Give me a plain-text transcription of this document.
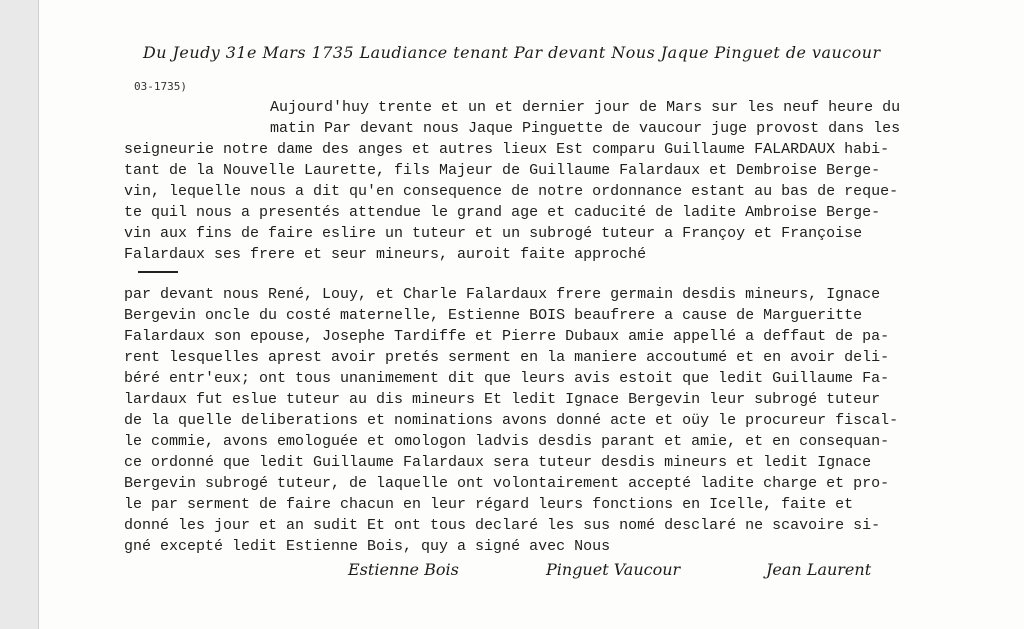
Du Jeudy 31e Mars 1735 Laudiance tenant Par devant Nous Jaque Pinguet de vaucour
03-1735)
Aujourd'huy trente et un et dernier jour de Mars sur les neuf heure du
matin Par devant nous Jaque Pinguette de vaucour juge provost dans les
seigneurie notre dame des anges et autres lieux Est comparu Guillaume FALARDAUX habi-
tant de la Nouvelle Laurette, fils Majeur de Guillaume Falardaux et Dembroise Berge-
vin, lequelle nous a dit qu'en consequence de notre ordonnance estant au bas de reque-
te quil nous a presentés attendue le grand age et caducité de ladite Ambroise Berge-
vin aux fins de faire eslire un tuteur et un subrogé tuteur a Françoy et Françoise
Falardaux ses frere et seur mineurs, auroit faite approché
par devant nous René, Louy, et Charle Falardaux frere germain desdis mineurs, Ignace
Bergevin oncle du costé maternelle, Estienne BOIS beaufrere a cause de Margueritte
Falardaux son epouse, Josephe Tardiffe et Pierre Dubaux amie appellé a deffaut de pa-
rent lesquelles aprest avoir pretés serment en la maniere accoutumé et en avoir deli-
béré entr'eux; ont tous unanimement dit que leurs avis estoit que ledit Guillaume Fa-
lardaux fut eslue tuteur au dis mineurs Et ledit Ignace Bergevin leur subrogé tuteur
de la quelle deliberations et nominations avons donné acte et oüy le procureur fiscal-
le commie, avons emologuée et omologon ladvis desdis parant et amie, et en consequan-
ce ordonné que ledit Guillaume Falardaux sera tuteur desdis mineurs et ledit Ignace
Bergevin subrogé tuteur, de laquelle ont volontairement accepté ladite charge et pro-
le par serment de faire chacun en leur régard leurs fonctions en Icelle, faite et
donné les jour et an sudit Et ont tous declaré les sus nomé desclaré ne scavoire si-
gné excepté ledit Estienne Bois, quy a signé avec Nous
Estienne Bois	Pinguet Vaucour	Jean Laurent
